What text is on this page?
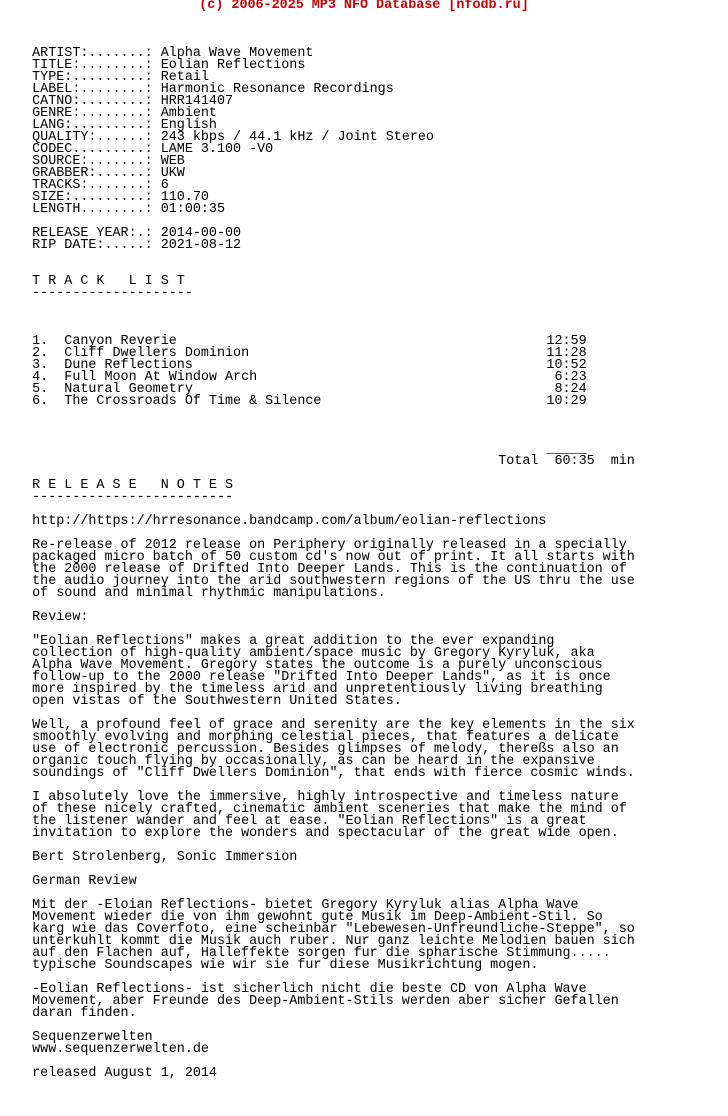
(c) 2006-2025 MP3 NFO Database [nfodb.ru]
ARTIST:.......: Alpha Wave Movement
TITLE:........: Eolian Reflections
TYPE:.........: Retail
LABEL:........: Harmonic Resonance Recordings
CATNO:........: HRR141407
GENRE:........: Ambient
LANG:.........: English
QUALITY:......: 243 kbps / 44.1 kHz / Joint Stereo
CODEC.........: LAME 3.100 -V0
SOURCE:.......: WEB
GRABBER:......: UKW
TRACKS:.......: 6
SIZE:.........: 110.70
LENGTH........: 01:00:35
RELEASE YEAR:.: 2014-00-00
RIP DATE:.....: 2021-08-12
T R A C K   L I S T
--------------------
1.  Canyon Reverie                                              12:59
2.  Cliff Dwellers Dominion                                     11:28
3.  Dune Reflections                                            10:52
4.  Full Moon At Window Arch                                     6:23
5.  Natural Geometry                                             8:24
6.  The Crossroads Of Time & Silence                            10:29
_____
Total  60:35  min
R E L E A S E   N O T E S
-------------------------
http://https://hrresonance.bandcamp.com/album/eolian-reflections
Re-release of 2012 release on Periphery originally released in a specially
packaged micro batch of 50 custom cd's now out of print. It all starts with
the 2000 release of Drifted Into Deeper Lands. This is the continuation of
the audio journey into the arid southwestern regions of the US thru the use
of sound and minimal rhythmic manipulations.
Review:
"Eolian Reflections" makes a great addition to the ever expanding
collection of high-quality ambient/space music by Gregory Kyryluk, aka
Alpha Wave Movement. Gregory states the outcome is a purely unconscious
follow-up to the 2000 release "Drifted Into Deeper Lands", as it is once
more inspired by the timeless arid and unpretentiously living breathing
open vistas of the Southwestern United States.
Well, a profound feel of grace and serenity are the key elements in the six
smoothly evolving and morphing celestial pieces, that features a delicate
use of electronic percussion. Besides glimpses of melody, thereßs also an
organic touch flying by occasionally, as can be heard in the expansive
soundings of "Cliff Dwellers Dominion", that ends with fierce cosmic winds.
I absolutely love the immersive, highly introspective and timeless nature
of these nicely crafted, cinematic ambient sceneries that make the mind of
the listener wander and feel at ease. "Eolian Reflections" is a great
invitation to explore the wonders and spectacular of the great wide open.
Bert Strolenberg, Sonic Immersion
German Review
Mit der -Eloian Reflections- bietet Gregory Kyryluk alias Alpha Wave
Movement wieder die von ihm gewohnt gute Musik im Deep-Ambient-Stil. So
karg wie das Coverfoto, eine scheinbar "Lebewesen-Unfreundliche-Steppe", so
unterkuhlt kommt die Musik auch ruber. Nur ganz leichte Melodien bauen sich
auf den Flachen auf, Halleffekte sorgen fur die spharische Stimmung.....
typische Soundscapes wie wir sie fur diese Musikrichtung mogen.
-Eolian Reflections- ist sicherlich nicht die beste CD von Alpha Wave
Movement, aber Freunde des Deep-Ambient-Stils werden aber sicher Gefallen
daran finden.
Sequenzerwelten
www.sequenzerwelten.de
released August 1, 2014
